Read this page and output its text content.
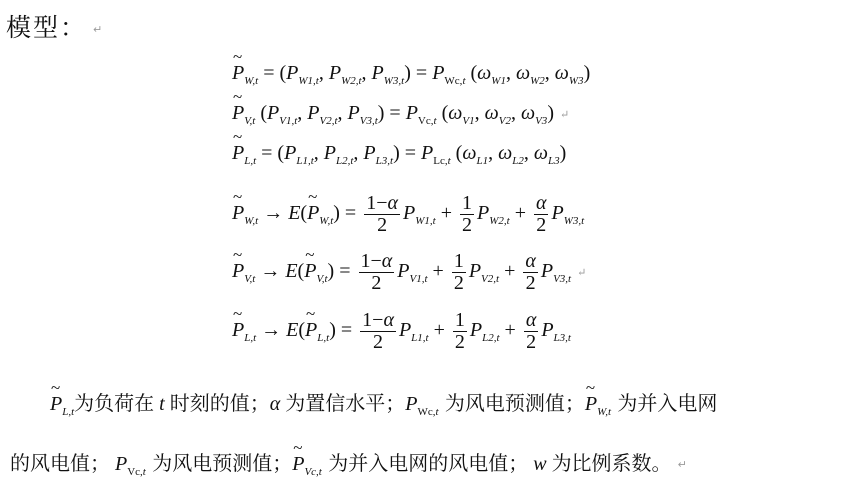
模型： ↵
~ $P_{W,t} = (P_{W1,t}$, $P_{W2,t}$, $P_{W3,t}) = P_{Wc,t}$ ($\omega_{W1}$, $\omega_{W2}$, $\omega_{W3}$)
~ $P_{V,t}$ ($P_{V1,t}$, $P_{V2,t}$, $P_{V3,t}) = P_{Vc,t}$ ($\omega_{V1}$, $\omega_{V2}$, $\omega_{V3}$) ↵
~ $P_{L,t} = (P_{L1,t}$, $P_{L2,t}$, $P_{L3,t}) = P_{Lc,t}$ ($\omega_{L1}$, $\omega_{L2}$, $\omega_{L3}$)
~ $P_{W,t}$ → E(~ $P_{W,t}) = \frac{1-\alpha}{2} P_{W1,t} + \frac{1}{2} P_{W2,t} + \frac{\alpha}{2} P_{W3,t}$
~ $P_{V,t}$ → E(~ $P_{V,t}) = \frac{1-\alpha}{2} P_{V1,t} + \frac{1}{2} P_{V2,t} + \frac{\alpha}{2}$ $P_{V3,t}↵$
~ $P_{L,t}$ → E(~ $P_{L,t}) = \frac{1-\alpha}{2} P_{L1,t} + \frac{1}{2} P_{L2,t} + \frac{\alpha}{2} P_{L3,t}$
~ $P_{L,t}$为负荷在 t 时刻的值；α 为置信水平；$P_{Wc,t}$ 为风电预测值；~ $P_{W,t}$ 为并入电网
的风电值； $P_{Vc,t}$ 为风电预测值；~ $P_{Vc,t}$ 为并入电网的风电值； w 为比例系数。 ↵
